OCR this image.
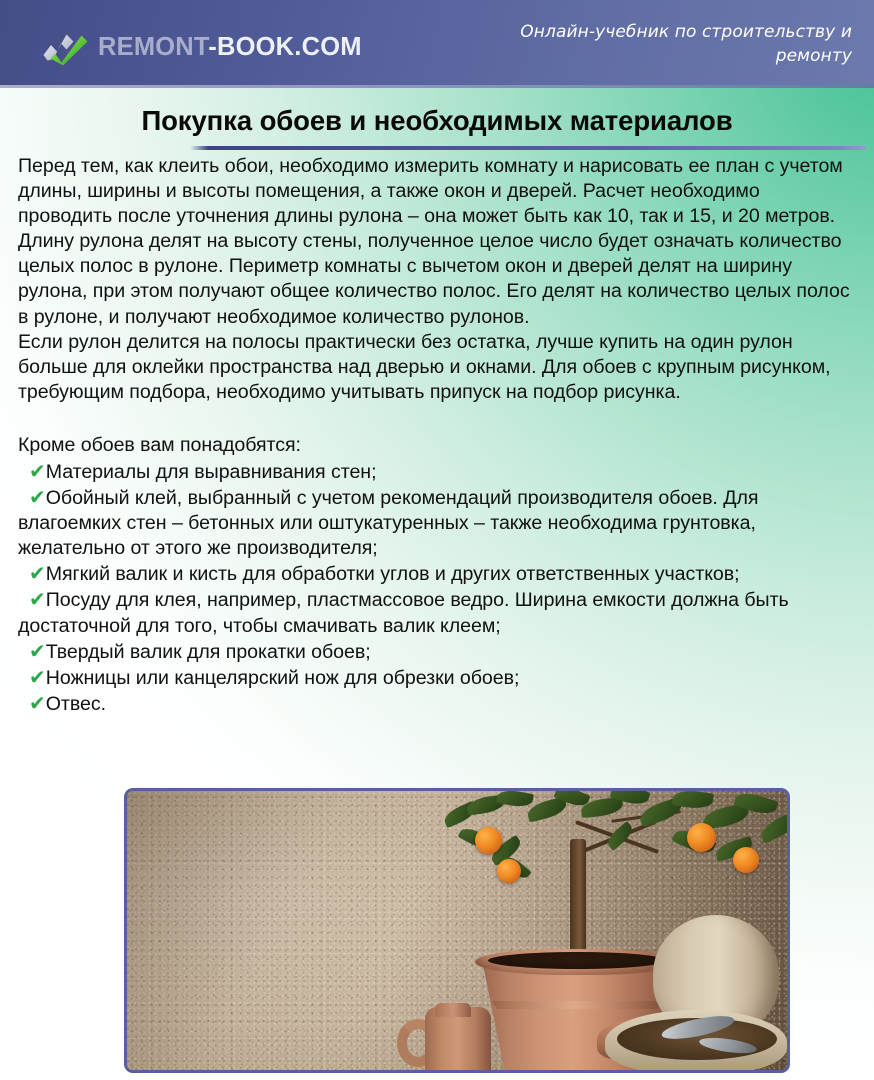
REMONT-BOOK.COM
Онлайн-учебник по строительству и ремонту
Покупка обоев и необходимых материалов

Перед тем, как клеить обои, необходимо измерить комнату и нарисовать ее план с учетом длины, ширины и высоты помещения, а также окон и дверей. Расчет необходимо проводить после уточнения длины рулона – она может быть как 10, так и 15, и 20 метров.

Длину рулона делят на высоту стены, полученное целое число будет означать количество целых полос в рулоне. Периметр комнаты с вычетом окон и дверей делят на ширину рулона, при этом получают общее количество полос. Его делят на количество целых полос в рулоне, и получают необходимое количество рулонов.

Если рулон делится на полосы практически без остатка, лучше купить на один рулон больше для оклейки пространства над дверью и окнами. Для обоев с крупным рисунком, требующим подбора, необходимо учитывать припуск на подбор рисунка.

Кроме обоев вам понадобятся:

✔Материалы для выравнивания стен;
✔Обойный клей, выбранный с учетом рекомендаций производителя обоев. Для влагоемких стен – бетонных или оштукатуренных – также необходима грунтовка, желательно от этого же производителя;
✔Мягкий валик и кисть для обработки углов и других ответственных участков;
✔Посуду для клея, например, пластмассовое ведро. Ширина емкости должна быть достаточной для того, чтобы смачивать валик клеем;
✔Твердый валик для прокатки обоев;
✔Ножницы или канцелярский нож для обрезки обоев;
✔Отвес.
